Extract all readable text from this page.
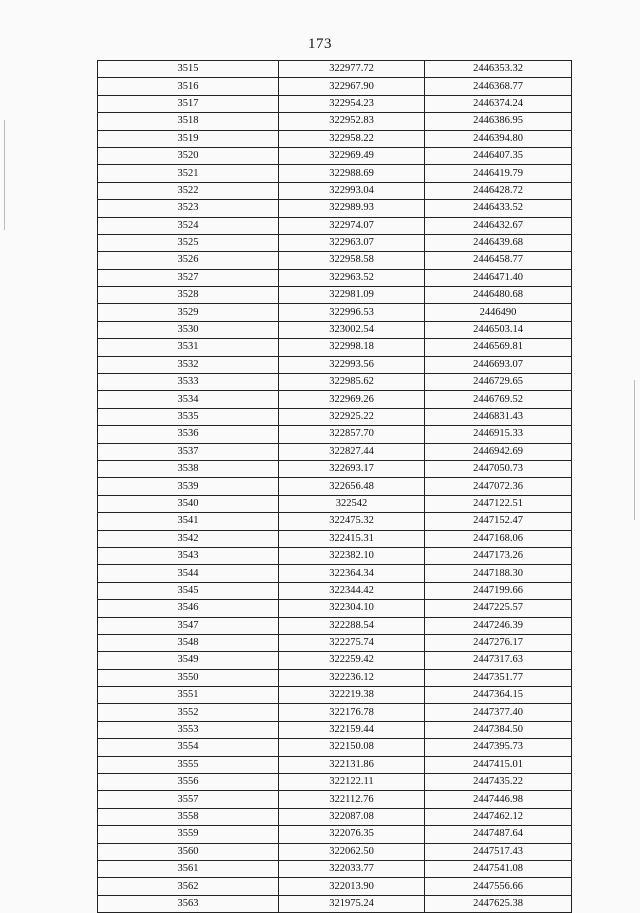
173
3515	322977.72	2446353.32
3516	322967.90	2446368.77
3517	322954.23	2446374.24
3518	322952.83	2446386.95
3519	322958.22	2446394.80
3520	322969.49	2446407.35
3521	322988.69	2446419.79
3522	322993.04	2446428.72
3523	322989.93	2446433.52
3524	322974.07	2446432.67
3525	322963.07	2446439.68
3526	322958.58	2446458.77
3527	322963.52	2446471.40
3528	322981.09	2446480.68
3529	322996.53	2446490
3530	323002.54	2446503.14
3531	322998.18	2446569.81
3532	322993.56	2446693.07
3533	322985.62	2446729.65
3534	322969.26	2446769.52
3535	322925.22	2446831.43
3536	322857.70	2446915.33
3537	322827.44	2446942.69
3538	322693.17	2447050.73
3539	322656.48	2447072.36
3540	322542	2447122.51
3541	322475.32	2447152.47
3542	322415.31	2447168.06
3543	322382.10	2447173.26
3544	322364.34	2447188.30
3545	322344.42	2447199.66
3546	322304.10	2447225.57
3547	322288.54	2447246.39
3548	322275.74	2447276.17
3549	322259.42	2447317.63
3550	322236.12	2447351.77
3551	322219.38	2447364.15
3552	322176.78	2447377.40
3553	322159.44	2447384.50
3554	322150.08	2447395.73
3555	322131.86	2447415.01
3556	322122.11	2447435.22
3557	322112.76	2447446.98
3558	322087.08	2447462.12
3559	322076.35	2447487.64
3560	322062.50	2447517.43
3561	322033.77	2447541.08
3562	322013.90	2447556.66
3563	321975.24	2447625.38
